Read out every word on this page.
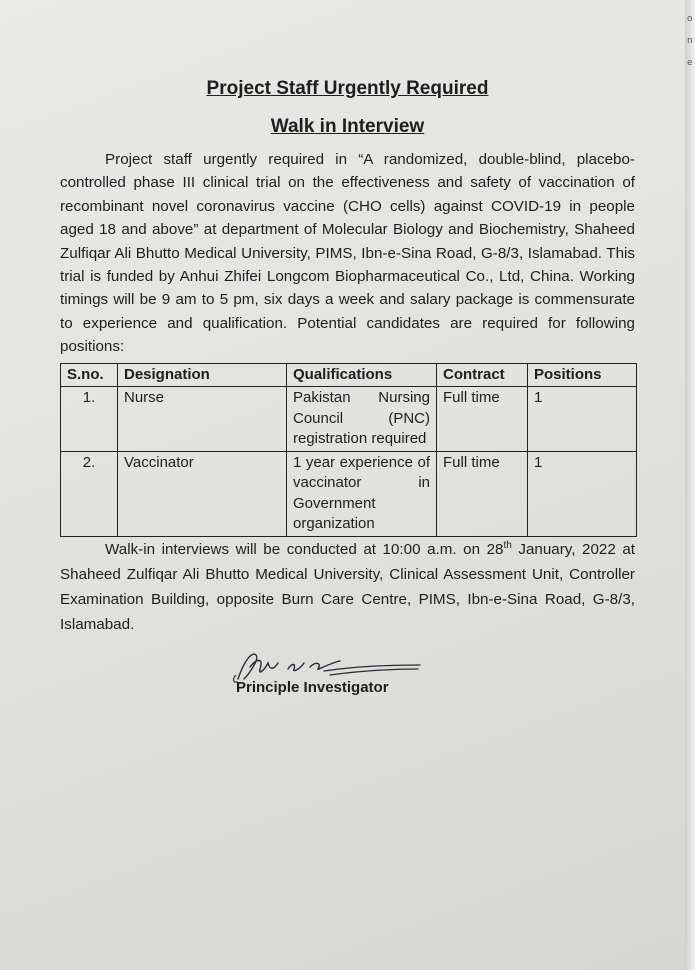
o
n
e
Project Staff Urgently Required
Walk in Interview

Project staff urgently required in “A randomized, double-blind, placebo-controlled phase III clinical trial on the effectiveness and safety of vaccination of recombinant novel coronavirus vaccine (CHO cells) against COVID-19 in people aged 18 and above” at department of Molecular Biology and Biochemistry, Shaheed Zulfiqar Ali Bhutto Medical University, PIMS, Ibn-e-Sina Road, G-8/3, Islamabad. This trial is funded by Anhui Zhifei Longcom Biopharmaceutical Co., Ltd, China. Working timings will be 9 am to 5 pm, six days a week and salary package is commensurate to experience and qualification. Potential candidates are required for following positions:

S.no.	Designation	Qualifications	Contract	Positions
1.	Nurse	Pakistan Nursing Council (PNC) registration required	Full time	1
2.	Vaccinator	1 year experience of vaccinator in Government organization	Full time	1

Walk-in interviews will be conducted at 10:00 a.m. on 28th January, 2022 at Shaheed Zulfiqar Ali Bhutto Medical University, Clinical Assessment Unit, Controller Examination Building, opposite Burn Care Centre, PIMS, Ibn-e-Sina Road, G-8/3, Islamabad.

Principle Investigator
